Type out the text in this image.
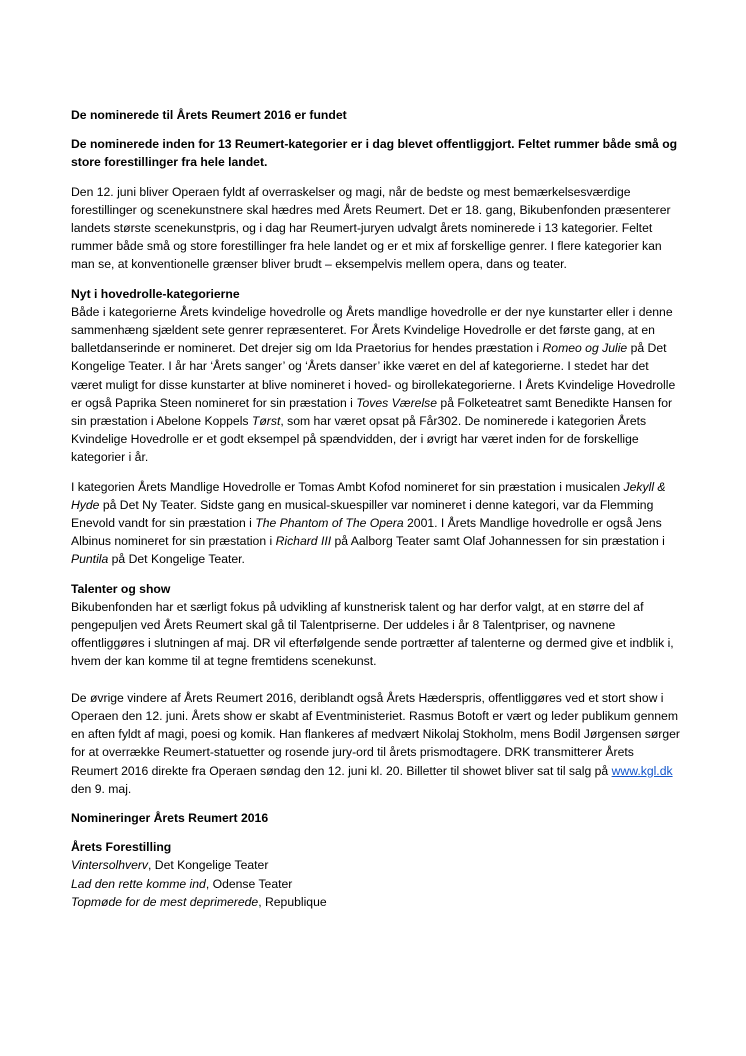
De nominerede til Årets Reumert 2016 er fundet

De nominerede inden for 13 Reumert-kategorier er i dag blevet offentliggjort. Feltet rummer både små og store forestillinger fra hele landet.

Den 12. juni bliver Operaen fyldt af overraskelser og magi, når de bedste og mest bemærkelsesværdige forestillinger og scenekunstnere skal hædres med Årets Reumert. Det er 18. gang, Bikubenfonden præsenterer landets største scenekunstpris, og i dag har Reumert-juryen udvalgt årets nominerede i 13 kategorier. Feltet rummer både små og store forestillinger fra hele landet og er et mix af forskellige genrer. I flere kategorier kan man se, at konventionelle grænser bliver brudt – eksempelvis mellem opera, dans og teater.

Nyt i hovedrolle-kategorierne
Både i kategorierne Årets kvindelige hovedrolle og Årets mandlige hovedrolle er der nye kunstarter eller i denne sammenhæng sjældent sete genrer repræsenteret. For Årets Kvindelige Hovedrolle er det første gang, at en balletdanserinde er nomineret. Det drejer sig om Ida Praetorius for hendes præstation i Romeo og Julie på Det Kongelige Teater. I år har ‘Årets sanger’ og ‘Årets danser’ ikke været en del af kategorierne. I stedet har det været muligt for disse kunstarter at blive nomineret i hoved- og birollekategorierne. I Årets Kvindelige Hovedrolle er også Paprika Steen nomineret for sin præstation i Toves Værelse på Folketeatret samt Benedikte Hansen for sin præstation i Abelone Koppels Tørst, som har været opsat på Får302. De nominerede i kategorien Årets Kvindelige Hovedrolle er et godt eksempel på spændvidden, der i øvrigt har været inden for de forskellige kategorier i år.

I kategorien Årets Mandlige Hovedrolle er Tomas Ambt Kofod nomineret for sin præstation i musicalen Jekyll & Hyde på Det Ny Teater. Sidste gang en musical-skuespiller var nomineret i denne kategori, var da Flemming Enevold vandt for sin præstation i The Phantom of The Opera 2001. I Årets Mandlige hovedrolle er også Jens Albinus nomineret for sin præstation i Richard III på Aalborg Teater samt Olaf Johannessen for sin præstation i Puntila på Det Kongelige Teater.

Talenter og show
Bikubenfonden har et særligt fokus på udvikling af kunstnerisk talent og har derfor valgt, at en større del af pengepuljen ved Årets Reumert skal gå til Talentpriserne. Der uddeles i år 8 Talentpriser, og navnene offentliggøres i slutningen af maj. DR vil efterfølgende sende portrætter af talenterne og dermed give et indblik i, hvem der kan komme til at tegne fremtidens scenekunst.

De øvrige vindere af Årets Reumert 2016, deriblandt også Årets Hæderspris, offentliggøres ved et stort show i Operaen den 12. juni. Årets show er skabt af Eventministeriet. Rasmus Botoft er vært og leder publikum gennem en aften fyldt af magi, poesi og komik. Han flankeres af medvært Nikolaj Stokholm, mens Bodil Jørgensen sørger for at overrække Reumert-statuetter og rosende jury-ord til årets prismodtagere. DRK transmitterer Årets Reumert 2016 direkte fra Operaen søndag den 12. juni kl. 20. Billetter til showet bliver sat til salg på www.kgl.dk den 9. maj.

Nomineringer Årets Reumert 2016

Årets Forestilling
Vintersolhverv, Det Kongelige Teater
Lad den rette komme ind, Odense Teater
Topmøde for de mest deprimerede, Republique
